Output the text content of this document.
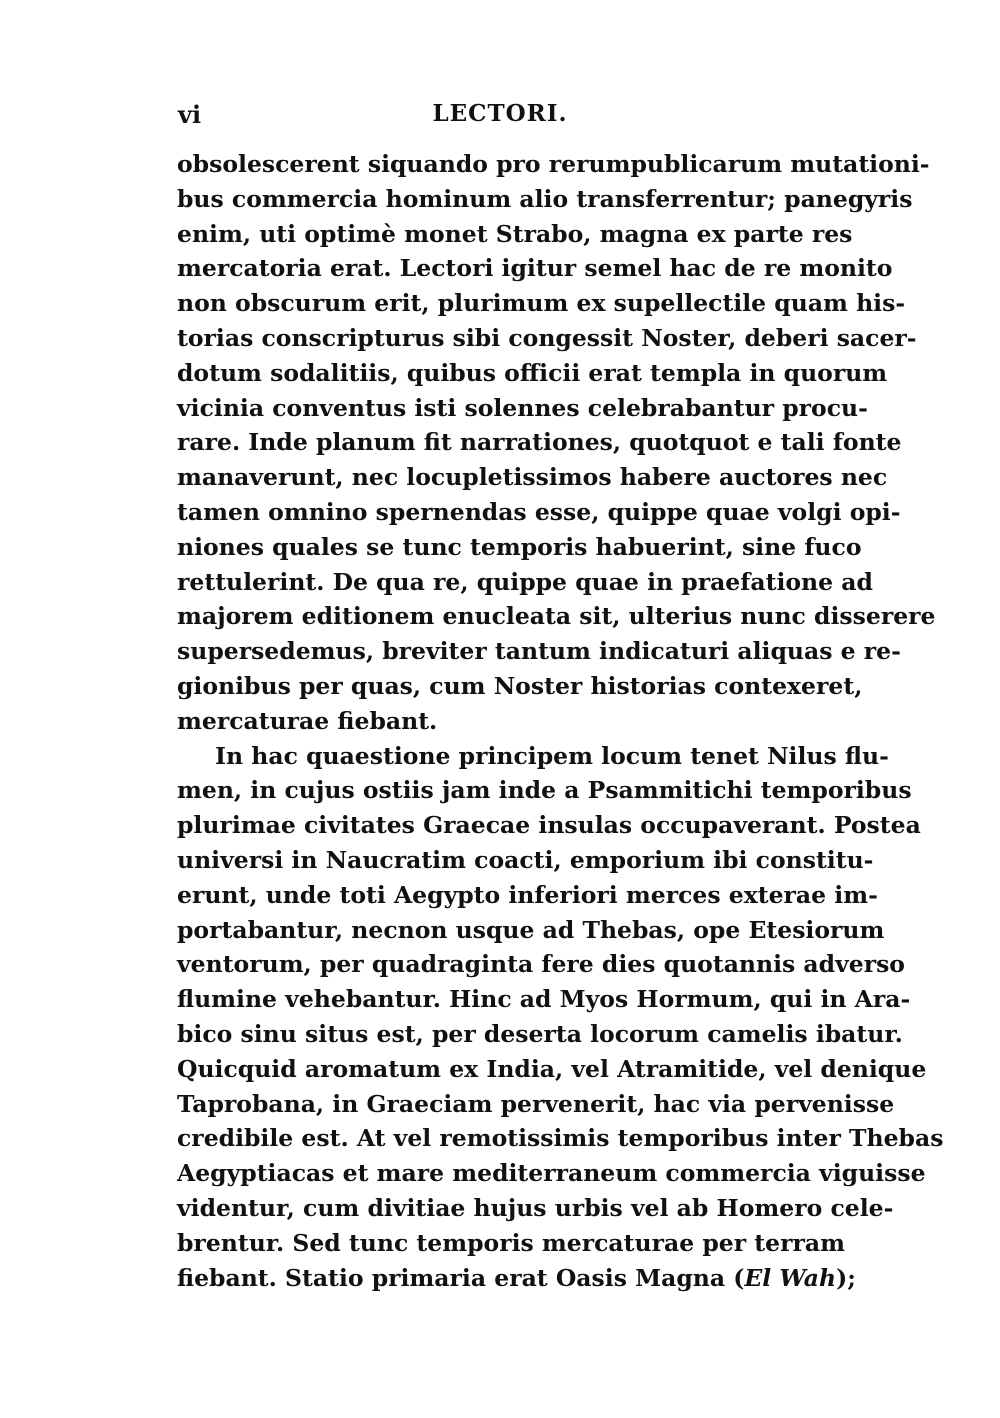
vi	LECTORI.
obsolescerent siquando pro rerumpublicarum mutationi-
bus commercia hominum alio transferrentur; panegyris
enim, uti optimè monet Strabo, magna ex parte res
mercatoria erat. Lectori igitur semel hac de re monito
non obscurum erit, plurimum ex supellectile quam his-
torias conscripturus sibi congessit Noster, deberi sacer-
dotum sodalitiis, quibus officii erat templa in quorum
vicinia conventus isti solennes celebrabantur procu-
rare. Inde planum fit narrationes, quotquot e tali fonte
manaverunt, nec locupletissimos habere auctores nec
tamen omnino spernendas esse, quippe quae volgi opi-
niones quales se tunc temporis habuerint, sine fuco
rettulerint. De qua re, quippe quae in praefatione ad
majorem editionem enucleata sit, ulterius nunc disserere
supersedemus, breviter tantum indicaturi aliquas e re-
gionibus per quas, cum Noster historias contexeret,
mercaturae fiebant.
In hac quaestione principem locum tenet Nilus flu-
men, in cujus ostiis jam inde a Psammitichi temporibus
plurimae civitates Graecae insulas occupaverant. Postea
universi in Naucratim coacti, emporium ibi constitu-
erunt, unde toti Aegypto inferiori merces exterae im-
portabantur, necnon usque ad Thebas, ope Etesiorum
ventorum, per quadraginta fere dies quotannis adverso
flumine vehebantur. Hinc ad Myos Hormum, qui in Ara-
bico sinu situs est, per deserta locorum camelis ibatur.
Quicquid aromatum ex India, vel Atramitide, vel denique
Taprobana, in Graeciam pervenerit, hac via pervenisse
credibile est. At vel remotissimis temporibus inter Thebas
Aegyptiacas et mare mediterraneum commercia viguisse
videntur, cum divitiae hujus urbis vel ab Homero cele-
brentur. Sed tunc temporis mercaturae per terram
fiebant. Statio primaria erat Oasis Magna (El Wah);
